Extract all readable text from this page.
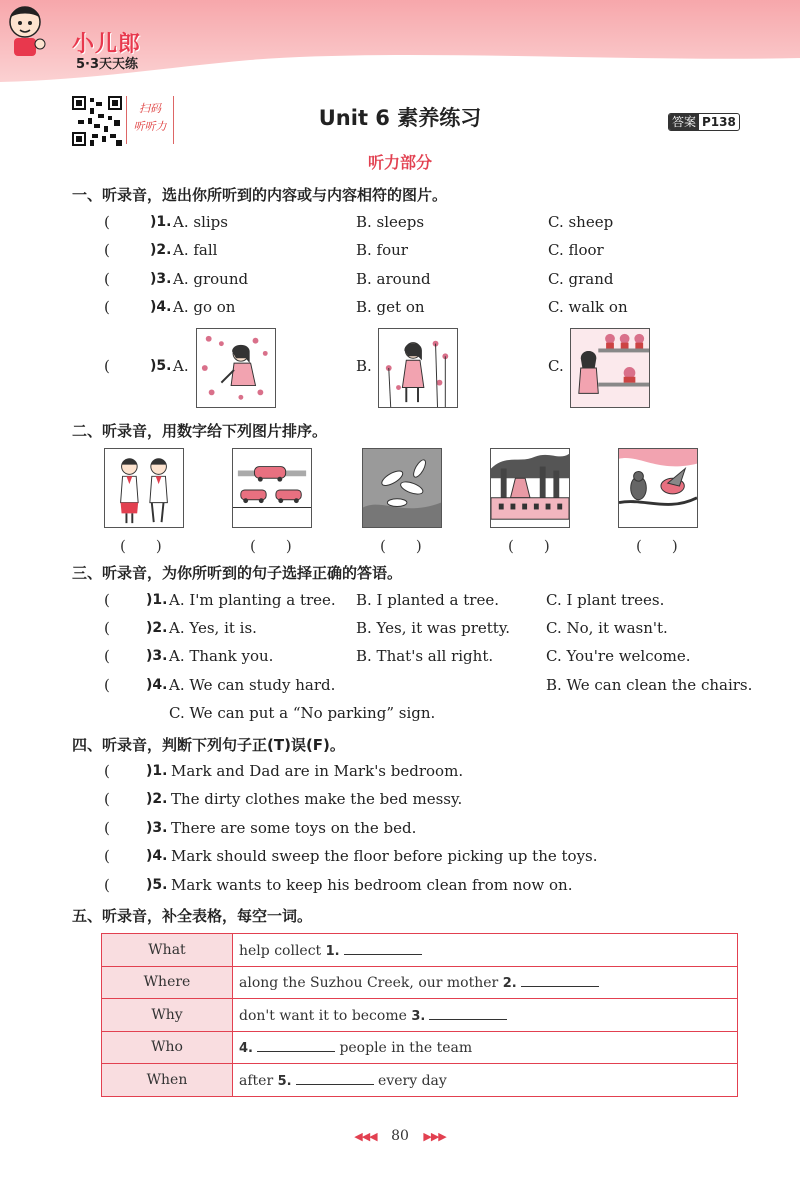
小儿郎
5·3天天练
扫码
听听力	Unit 6 素养练习	答案 P138
听力部分
一、听录音，选出你所听到的内容或与内容相符的图片。
(	)1. A. slips	B. sleeps	C. sheep
(	)2. A. fall	B. four	C. floor
(	)3. A. ground	B. around	C. grand
(	)4. A. go on	B. get on	C. walk on
(	)5. A.	B.	C.
二、听录音，用数字给下列图片排序。
(　　)	(　　)	(　　)	(　　)	(　　)
三、听录音，为你所听到的句子选择正确的答语。
(	)1. A. I'm planting a tree. B. I planted a tree.	C. I plant trees.
(	)2. A. Yes, it is.	B. Yes, it was pretty. C. No, it wasn't.
(	)3. A. Thank you.	B. That's all right.	C. You're welcome.
(	)4. A. We can study hard.	B. We can clean the chairs.
C. We can put a “No parking” sign.
四、听录音，判断下列句子正(T)误(F)。
(	)1. Mark and Dad are in Mark's bedroom.
(	)2. The dirty clothes make the bed messy.
(	)3. There are some toys on the bed.
(	)4. Mark should sweep the floor before picking up the toys.
(	)5. Mark wants to keep his bedroom clean from now on.
五、听录音，补全表格，每空一词。
What	help collect 1.
Where	along the Suzhou Creek, our mother 2.
Why	don't want it to become 3.
Who	4. people in the team
When	after 5. every day
◀◀◀ 80 ▶▶▶
